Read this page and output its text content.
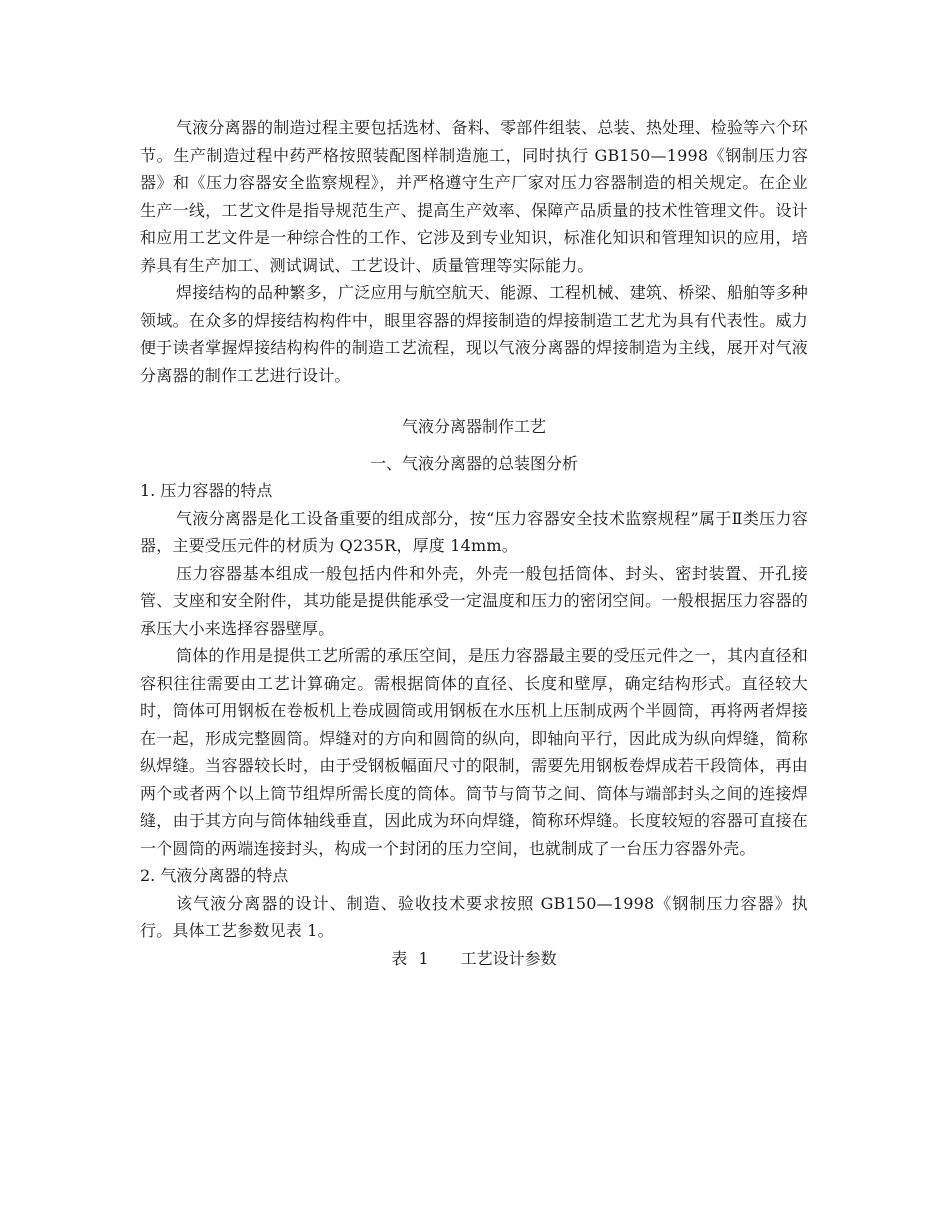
气液分离器的制造过程主要包括选材、备料、零部件组装、总装、热处理、检验等六个环节。生产制造过程中药严格按照装配图样制造施工，同时执行 GB150—1998《钢制压力容器》和《压力容器安全监察规程》，并严格遵守生产厂家对压力容器制造的相关规定。在企业生产一线，工艺文件是指导规范生产、提高生产效率、保障产品质量的技术性管理文件。设计和应用工艺文件是一种综合性的工作、它涉及到专业知识，标准化知识和管理知识的应用，培养具有生产加工、测试调试、工艺设计、质量管理等实际能力。

焊接结构的品种繁多，广泛应用与航空航天、能源、工程机械、建筑、桥梁、船舶等多种领域。在众多的焊接结构构件中，眼里容器的焊接制造的焊接制造工艺尤为具有代表性。威力便于读者掌握焊接结构构件的制造工艺流程，现以气液分离器的焊接制造为主线，展开对气液分离器的制作工艺进行设计。

气液分离器制作工艺

一、气液分离器的总装图分析

1. 压力容器的特点

气液分离器是化工设备重要的组成部分，按“压力容器安全技术监察规程”属于Ⅱ类压力容器，主要受压元件的材质为 Q235R，厚度 14mm。

压力容器基本组成一般包括内件和外壳，外壳一般包括筒体、封头、密封装置、开孔接管、支座和安全附件，其功能是提供能承受一定温度和压力的密闭空间。一般根据压力容器的承压大小来选择容器壁厚。

筒体的作用是提供工艺所需的承压空间，是压力容器最主要的受压元件之一，其内直径和容积往往需要由工艺计算确定。需根据筒体的直径、长度和壁厚，确定结构形式。直径较大时，筒体可用钢板在卷板机上卷成圆筒或用钢板在水压机上压制成两个半圆筒，再将两者焊接在一起，形成完整圆筒。焊缝对的方向和圆筒的纵向，即轴向平行，因此成为纵向焊缝，简称纵焊缝。当容器较长时，由于受钢板幅面尺寸的限制，需要先用钢板卷焊成若干段筒体，再由两个或者两个以上筒节组焊所需长度的筒体。筒节与筒节之间、筒体与端部封头之间的连接焊缝，由于其方向与筒体轴线垂直，因此成为环向焊缝，简称环焊缝。长度较短的容器可直接在一个圆筒的两端连接封头，构成一个封闭的压力空间，也就制成了一台压力容器外壳。

2. 气液分离器的特点

该气液分离器的设计、制造、验收技术要求按照 GB150—1998《钢制压力容器》执行。具体工艺参数见表 1。

表 1　　工艺设计参数
